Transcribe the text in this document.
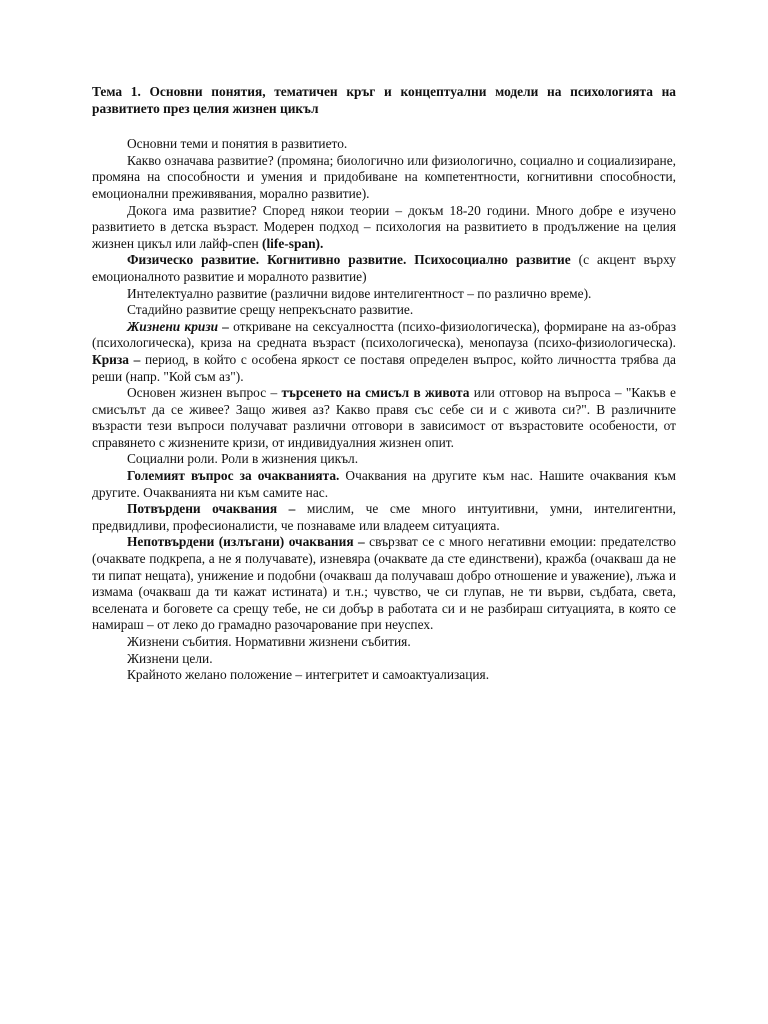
Тема 1. Основни понятия, тематичен кръг и концептуални модели на психологията на развитието през целия жизнен цикъл
Основни теми и понятия в развитието.
Какво означава развитие? (промяна; биологично или физиологично, социално и социализиране, промяна на способности и умения и придобиване на компетентности, когнитивни способности, емоционални преживявания, морално развитие).
Докога има развитие? Според някои теории – докъм 18-20 години. Много добре е изучено развитието в детска възраст. Модерен подход – психология на развитието в продължение на целия жизнен цикъл или лайф-спен (life-span).
Физическо развитие. Когнитивно развитие. Психосоциално развитие (с акцент върху емоционалното развитие и моралното развитие)
Интелектуално развитие (различни видове интелигентност – по различно време).
Стадийно развитие срещу непрекъснато развитие.
Жизнени кризи – откриване на сексуалността (психо-физиологическа), формиране на аз-образ (психологическа), криза на средната възраст (психологическа), менопауза (психо-физиологическа). Криза – период, в който с особена яркост се поставя определен въпрос, който личността трябва да реши (напр. "Кой съм аз").
Основен жизнен въпрос – търсенето на смисъл в живота или отговор на въпроса – "Какъв е смисълът да се живее? Защо живея аз? Какво правя със себе си и с живота си?". В различните възрасти тези въпроси получават различни отговори в зависимост от възрастовите особености, от справянето с жизнените кризи, от индивидуалния жизнен опит.
Социални роли. Роли в жизнения цикъл.
Големият въпрос за очакванията. Очаквания на другите към нас. Нашите очаквания към другите. Очакванията ни към самите нас.
Потвърдени очаквания – мислим, че сме много интуитивни, умни, интелигентни, предвидливи, професионалисти, че познаваме или владеем ситуацията.
Непотвърдени (излъгани) очаквания – свързват се с много негативни емоции: предателство (очаквате подкрепа, а не я получавате), изневяра (очаквате да сте единствени), кражба (очакваш да не ти пипат нещата), унижение и подобни (очакваш да получаваш добро отношение и уважение), лъжа и измама (очакваш да ти кажат истината) и т.н.; чувство, че си глупав, не ти върви, съдбата, света, вселената и боговете са срещу тебе, не си добър в работата си и не разбираш ситуацията, в която се намираш – от леко до грамадно разочарование при неуспех.
Жизнени събития. Нормативни жизнени събития.
Жизнени цели.
Крайното желано положение – интегритет и самоактуализация.
